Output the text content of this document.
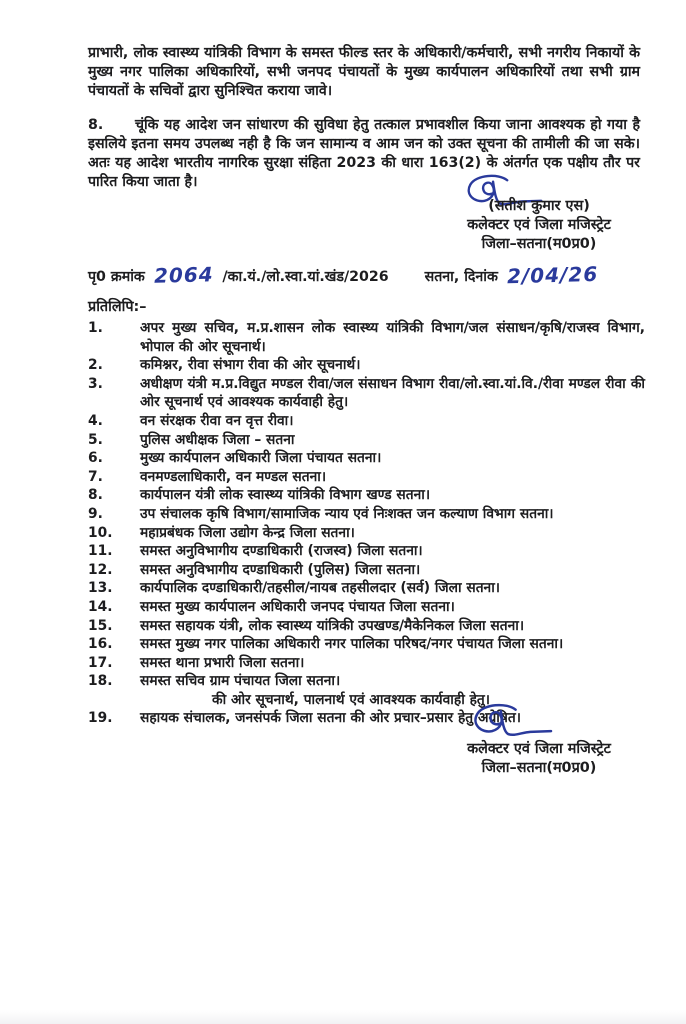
प्राभारी, लोक स्वास्थ्य यांत्रिकी विभाग के समस्त फील्ड स्तर के अधिकारी/कर्मचारी, सभी नगरीय निकायों के मुख्य नगर पालिका अधिकारियों, सभी जनपद पंचायतों के मुख्य कार्यपालन अधिकारियों तथा सभी ग्राम पंचायतों के सचिवों द्वारा सुनिश्चित कराया जावे।
8. चूंकि यह आदेश जन सांधारण की सुविधा हेतु तत्काल प्रभावशील किया जाना आवश्यक हो गया है इसलिये इतना समय उपलब्ध नही है कि जन सामान्य व आम जन को उक्त सूचना की तामीली की जा सके। अतः यह आदेश भारतीय नागरिक सुरक्षा संहिता 2023 की धारा 163(2) के अंतर्गत एक पक्षीय तौर पर पारित किया जाता है।
(सतीश कुमार एस)
कलेक्टर एवं जिला मजिस्ट्रेट
जिला–सतना(म0प्र0)
पृ0 क्रमांक 2064 /का.यं./लो.स्वा.यां.खंड/2026	सतना, दिनांक 2/04/26
प्रतिलिपि:–
1.	अपर मुख्य सचिव, म.प्र.शासन लोक स्वास्थ्य यांत्रिकी विभाग/जल संसाधन/कृषि/राजस्व विभाग, भोपाल की ओर सूचनार्थ।
2.	कमिश्नर, रीवा संभाग रीवा की ओर सूचनार्थ।
3.	अधीक्षण यंत्री म.प्र.विद्युत मण्डल रीवा/जल संसाधन विभाग रीवा/लो.स्वा.यां.वि./रीवा मण्डल रीवा की ओर सूचनार्थ एवं आवश्यक कार्यवाही हेतु।
4.	वन संरक्षक रीवा वन वृत्त रीवा।
5.	पुलिस अधीक्षक जिला – सतना
6.	मुख्य कार्यपालन अधिकारी जिला पंचायत सतना।
7.	वनमण्डलाधिकारी, वन मण्डल सतना।
8.	कार्यपालन यंत्री लोक स्वास्थ्य यांत्रिकी विभाग खण्ड सतना।
9.	उप संचालक कृषि विभाग/सामाजिक न्याय एवं निःशक्त जन कल्याण विभाग सतना।
10.	महाप्रबंधक जिला उद्योग केन्द्र जिला सतना।
11.	समस्त अनुविभागीय दण्डाधिकारी (राजस्व) जिला सतना।
12.	समस्त अनुविभागीय दण्डाधिकारी (पुलिस) जिला सतना।
13.	कार्यपालिक दण्डाधिकारी/तहसील/नायब तहसीलदार (सर्व) जिला सतना।
14.	समस्त मुख्य कार्यपालन अधिकारी जनपद पंचायत जिला सतना।
15.	समस्त सहायक यंत्री, लोक स्वास्थ्य यांत्रिकी उपखण्ड/मैकेनिकल जिला सतना।
16.	समस्त मुख्य नगर पालिका अधिकारी नगर पालिका परिषद/नगर पंचायत जिला सतना।
17.	समस्त थाना प्रभारी जिला सतना।
18.	समस्त सचिव ग्राम पंचायत जिला सतना।
की ओर सूचनार्थ, पालनार्थ एवं आवश्यक कार्यवाही हेतु।
19.	सहायक संचालक, जनसंपर्क जिला सतना की ओर प्रचार–प्रसार हेतु अग्रेषित।
कलेक्टर एवं जिला मजिस्ट्रेट
जिला–सतना(म0प्र0)
